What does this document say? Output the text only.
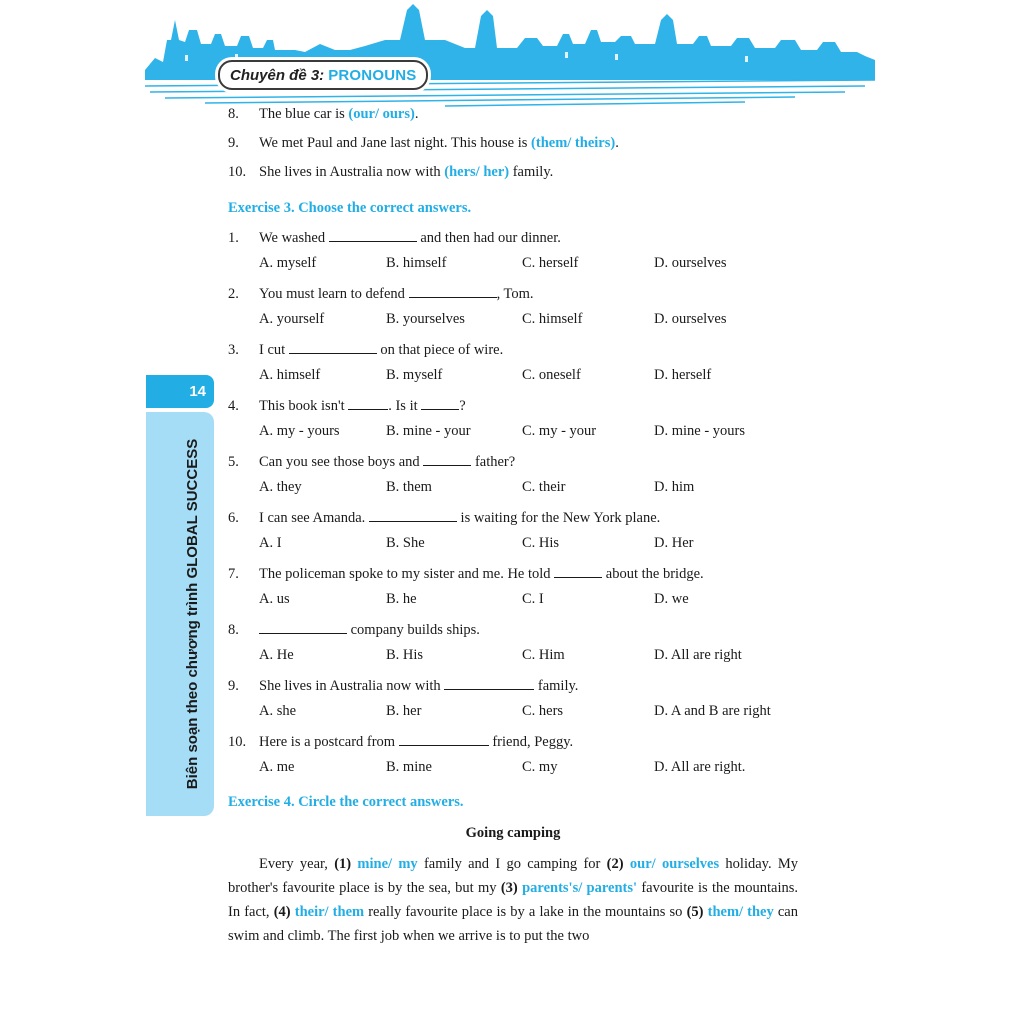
Chuyên đề 3: PRONOUNS
14
Biên soạn theo chương trình GLOBAL SUCCESS
8. The blue car is (our/ ours).
9. We met Paul and Jane last night. This house is (them/ theirs).
10. She lives in Australia now with (hers/ her) family.
Exercise 3. Choose the correct answers.
1. We washed	and then had our dinner.
A. myself	B. himself	C. herself	D. ourselves
2. You must learn to defend	, Tom.
A. yourself	B. yourselves	C. himself	D. ourselves
3. I cut	on that piece of wire.
A. himself	B. myself	C. oneself	D. herself
4. This book isn't	. Is it	?
A. my - yours	B. mine - your	C. my - your	D. mine - yours
5. Can you see those boys and	father?
A. they	B. them	C. their	D. him
6. I can see Amanda.	is waiting for the New York plane.
A. I	B. She	C. His	D. Her
7. The policeman spoke to my sister and me. He told	about the bridge.
A. us	B. he	C. I	D. we
8.	company builds ships.
A. He	B. His	C. Him	D. All are right
9. She lives in Australia now with	family.
A. she	B. her	C. hers	D. A and B are right
10. Here is a postcard from	friend, Peggy.
A. me	B. mine	C. my	D. All are right.
Exercise 4. Circle the correct answers.
Going camping
Every year, (1) mine/ my family and I go camping for (2) our/ ourselves holiday. My brother's favourite place is by the sea, but my (3) parents's/ parents' favourite is the mountains. In fact, (4) their/ them really favourite place is by a lake in the mountains so (5) them/ they can swim and climb. The first job when we arrive is to put the two
